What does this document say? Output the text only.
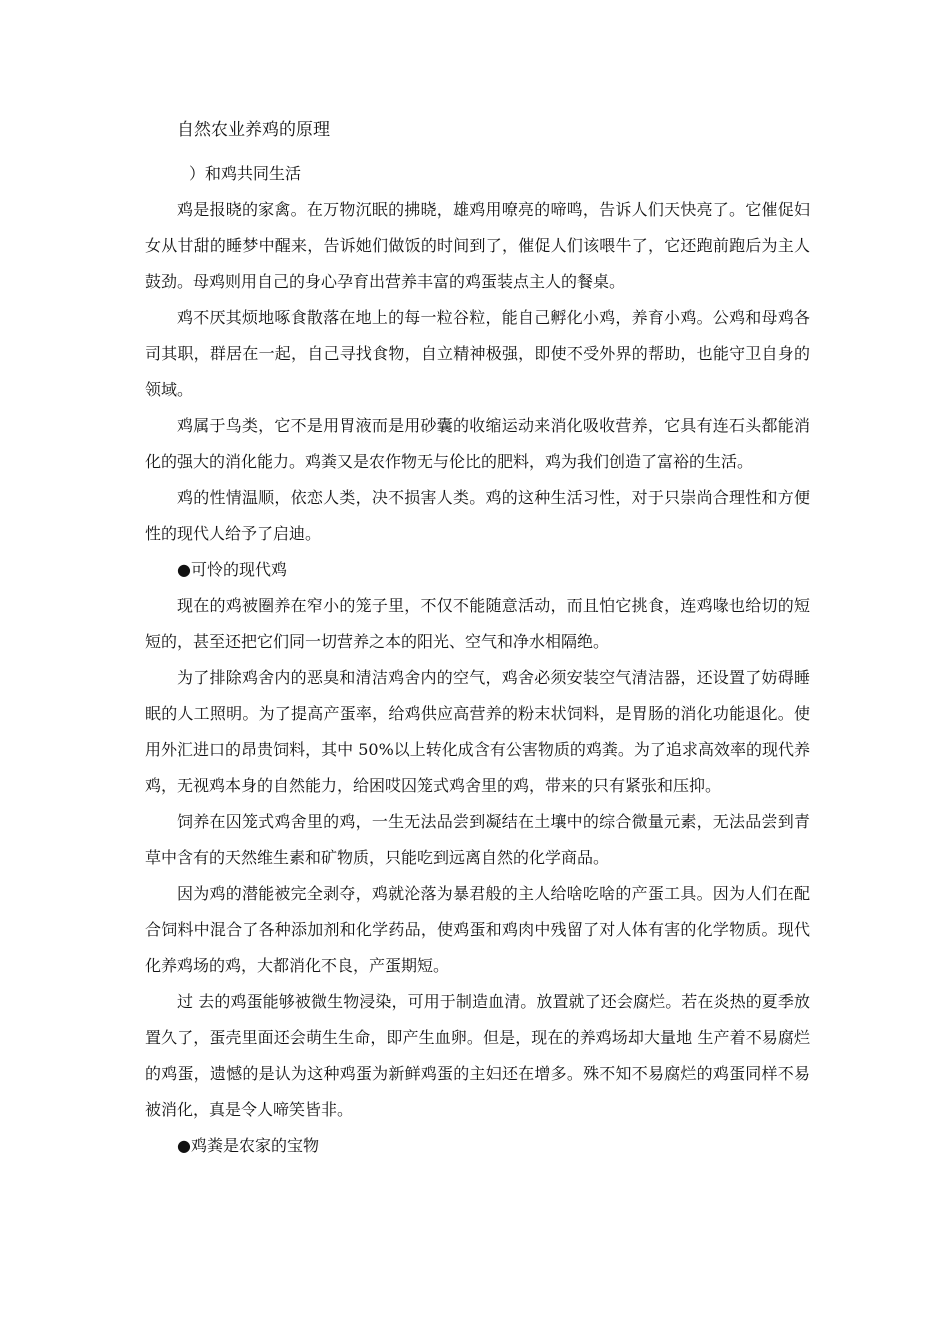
自然农业养鸡的原理
）和鸡共同生活

鸡是报晓的家禽。在万物沉眠的拂晓，雄鸡用嘹亮的啼鸣，告诉人们天快亮了。它催促妇女从甘甜的睡梦中醒来，告诉她们做饭的时间到了，催促人们该喂牛了，它还跑前跑后为主人鼓劲。母鸡则用自己的身心孕育出营养丰富的鸡蛋装点主人的餐桌。

鸡不厌其烦地啄食散落在地上的每一粒谷粒，能自己孵化小鸡，养育小鸡。公鸡和母鸡各司其职，群居在一起，自己寻找食物，自立精神极强，即使不受外界的帮助，也能守卫自身的领域。

鸡属于鸟类，它不是用胃液而是用砂囊的收缩运动来消化吸收营养，它具有连石头都能消化的强大的消化能力。鸡粪又是农作物无与伦比的肥料，鸡为我们创造了富裕的生活。

鸡的性情温顺，依恋人类，决不损害人类。鸡的这种生活习性，对于只崇尚合理性和方便性的现代人给予了启迪。

●可怜的现代鸡

现在的鸡被圈养在窄小的笼子里，不仅不能随意活动，而且怕它挑食，连鸡喙也给切的短短的，甚至还把它们同一切营养之本的阳光、空气和净水相隔绝。

为了排除鸡舍内的恶臭和清洁鸡舍内的空气，鸡舍必须安装空气清洁器，还设置了妨碍睡眠的人工照明。为了提高产蛋率，给鸡供应高营养的粉末状饲料，是胃肠的消化功能退化。使用外汇进口的昂贵饲料，其中 50%以上转化成含有公害物质的鸡粪。为了追求高效率的现代养鸡，无视鸡本身的自然能力，给困哎囚笼式鸡舍里的鸡，带来的只有紧张和压抑。

饲养在囚笼式鸡舍里的鸡，一生无法品尝到凝结在土壤中的综合微量元素，无法品尝到青草中含有的天然维生素和矿物质，只能吃到远离自然的化学商品。

因为鸡的潜能被完全剥夺，鸡就沦落为暴君般的主人给啥吃啥的产蛋工具。因为人们在配合饲料中混合了各种添加剂和化学药品，使鸡蛋和鸡肉中残留了对人体有害的化学物质。现代化养鸡场的鸡，大都消化不良，产蛋期短。

过 去的鸡蛋能够被微生物浸染，可用于制造血清。放置就了还会腐烂。若在炎热的夏季放置久了，蛋壳里面还会萌生生命，即产生血卵。但是，现在的养鸡场却大量地 生产着不易腐烂的鸡蛋，遗憾的是认为这种鸡蛋为新鲜鸡蛋的主妇还在增多。殊不知不易腐烂的鸡蛋同样不易被消化，真是令人啼笑皆非。

●鸡粪是农家的宝物
